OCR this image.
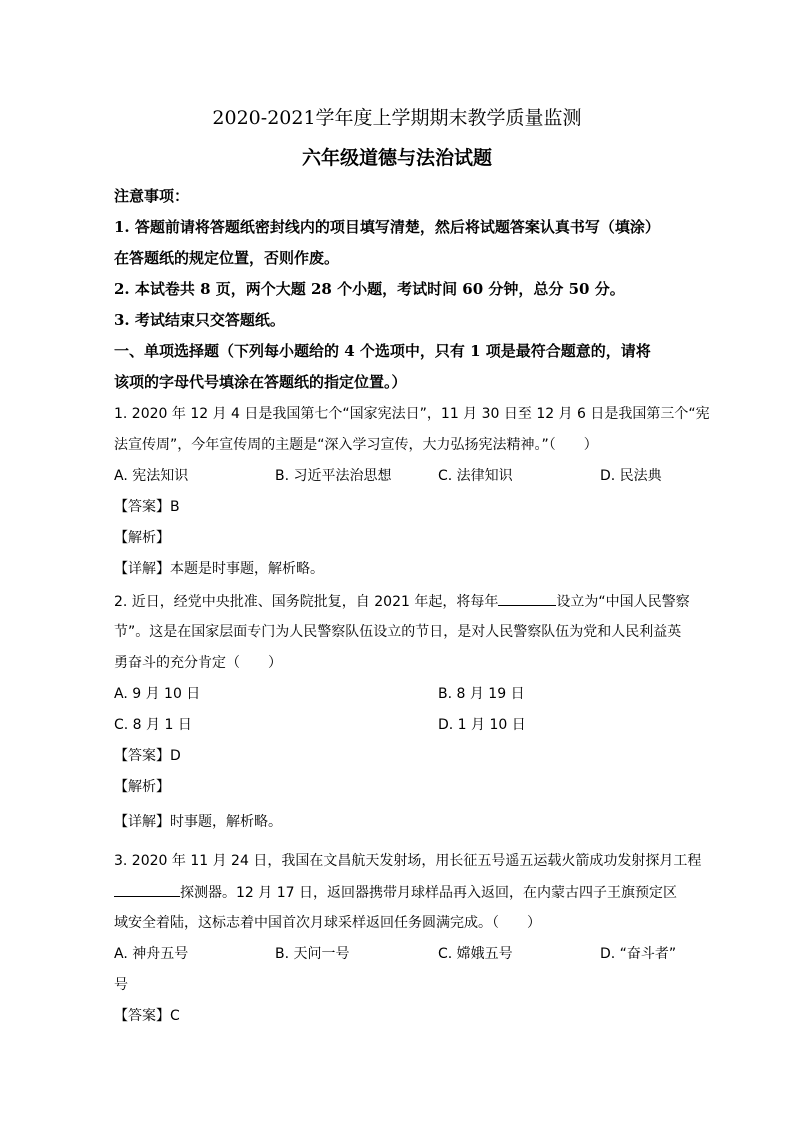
2020-2021学年度上学期期末教学质量监测
六年级道德与法治试题
注意事项：
1. 答题前请将答题纸密封线内的项目填写清楚，然后将试题答案认真书写（填涂）
在答题纸的规定位置，否则作废。
2. 本试卷共 8 页，两个大题 28 个小题，考试时间 60 分钟，总分 50 分。
3. 考试结束只交答题纸。
一、单项选择题（下列每小题给的 4 个选项中，只有 1 项是最符合题意的，请将
该项的字母代号填涂在答题纸的指定位置。）
1. 2020 年 12 月 4 日是我国第七个“国家宪法日”，11 月 30 日至 12 月 6 日是我国第三个“宪
法宣传周”，今年宣传周的主题是“深入学习宣传，大力弘扬宪法精神。”（　　）
A. 宪法知识	B. 习近平法治思想	C. 法律知识	D. 民法典
【答案】B
【解析】
【详解】本题是时事题，解析略。
2. 近日，经党中央批准、国务院批复，自 2021 年起，将每年	设立为“中国人民警察
节”。这是在国家层面专门为人民警察队伍设立的节日，是对人民警察队伍为党和人民利益英
勇奋斗的充分肯定（　　）
A. 9 月 10 日	B. 8 月 19 日
C. 8 月 1 日	D. 1 月 10 日
【答案】D
【解析】
【详解】时事题，解析略。
3. 2020 年 11 月 24 日，我国在文昌航天发射场，用长征五号遥五运载火箭成功发射探月工程
探测器。12 月 17 日，返回器携带月球样品再入返回，在内蒙古四子王旗预定区
域安全着陆，这标志着中国首次月球采样返回任务圆满完成。（　　）
A. 神舟五号	B. 天问一号	C. 嫦娥五号	D. “奋斗者”
号
【答案】C
